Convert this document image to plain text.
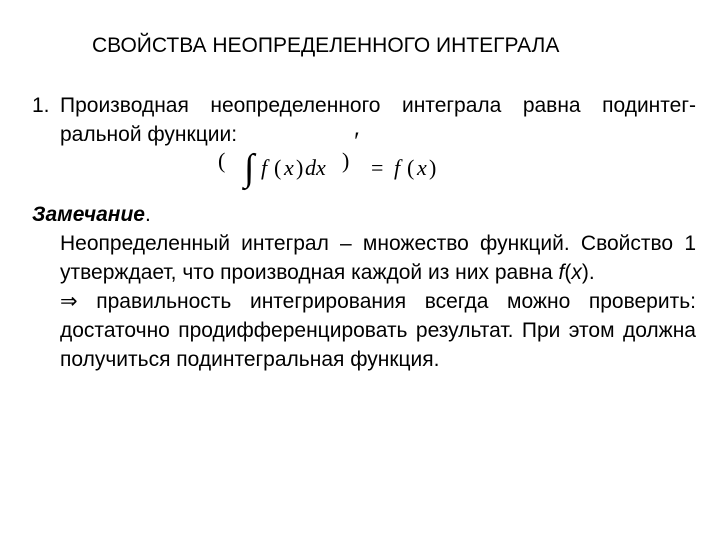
СВОЙСТВА НЕОПРЕДЕЛЕННОГО ИНТЕГРАЛА
1. Производная неопределенного интеграла равна подинтег-
ральной функции:
( ∫ f ( x ) dx )
′
= f ( x )
Замечание.

Неопределенный интеграл – множество функций. Свойство 1 утверждает, что производная каждой из них равна f(x).

⇒ правильность интегрирования всегда можно проверить: достаточно продифференцировать результат. При этом должна получиться подинтегральная функция.
